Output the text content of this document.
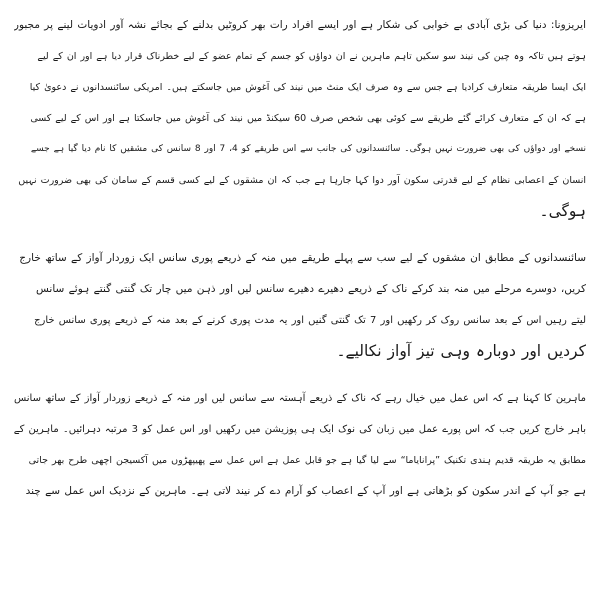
ایریزونا: دنیا کی بڑی آبادی بے خوابی کی شکار ہے اور ایسے افراد رات بھر کروٹیں بدلنے کے بجائے نشہ آور ادویات لینے پر مجبور
ہوتے ہیں تاکہ وہ چین کی نیند سو سکیں تاہم ماہرین نے ان دواؤں کو جسم کے تمام عضو کے لیے خطرناک قرار دیا ہے اور ان کے لیے
ایک ایسا طریقہ متعارف کرادیا ہے جس سے وہ صرف ایک منٹ میں نیند کی آغوش میں جاسکتے ہیں۔ امریکی سائنسدانوں نے دعویٰ کیا
ہے کہ ان کے متعارف کرائے گئے طریقے سے کوئی بھی شخص صرف 60 سیکنڈ میں نیند کی آغوش میں جاسکتا ہے اور اس کے لیے کسی
نسخے اور دواؤں کی بھی ضرورت نہیں ہوگی۔ سائنسدانوں کی جانب سے اس طریقے کو 4، 7 اور 8 سانس کی مشقیں کا نام دیا گیا ہے جسے
انسان کے اعصابی نظام کے لیے قدرتی سکون آور دوا کہا جارہا ہے جب کہ ان مشقوں کے لیے کسی قسم کے سامان کی بھی ضرورت نہیں
ہوگی۔
سائنسدانوں کے مطابق ان مشقوں کے لیے سب سے پہلے طریقے میں منہ کے ذریعے پوری سانس ایک زوردار آواز کے ساتھ خارج
کریں، دوسرے مرحلے میں منہ بند کرکے ناک کے ذریعے دھیرے دھیرے سانس لیں اور ذہن میں چار تک گنتی گنتے ہوئے سانس
لیتے رہیں اس کے بعد سانس روک کر رکھیں اور 7 تک گنتی گنیں اور یہ مدت پوری کرنے کے بعد منہ کے ذریعے پوری سانس خارج
کردیں اور دوبارہ وہی تیز آواز نکالیے۔
ماہرین کا کہنا ہے کہ اس عمل میں خیال رہے کہ ناک کے ذریعے آہستہ سے سانس لیں اور منہ کے ذریعے زوردار آواز کے ساتھ سانس
باہر خارج کریں جب کہ اس پورے عمل میں زبان کی نوک ایک ہی پوزیشن میں رکھیں اور اس عمل کو 3 مرتبہ دہرائیں۔ ماہرین کے
مطابق یہ طریقہ قدیم ہندی تکنیک ”پرانایاما“ سے لیا گیا ہے جو قابل عمل ہے اس عمل سے پھیپھڑوں میں آکسیجن اچھی طرح بھر جاتی
ہے جو آپ کے اندر سکون کو بڑھاتی ہے اور آپ کے اعصاب کو آرام دے کر نیند لاتی ہے۔ ماہرین کے نزدیک اس عمل سے چند
